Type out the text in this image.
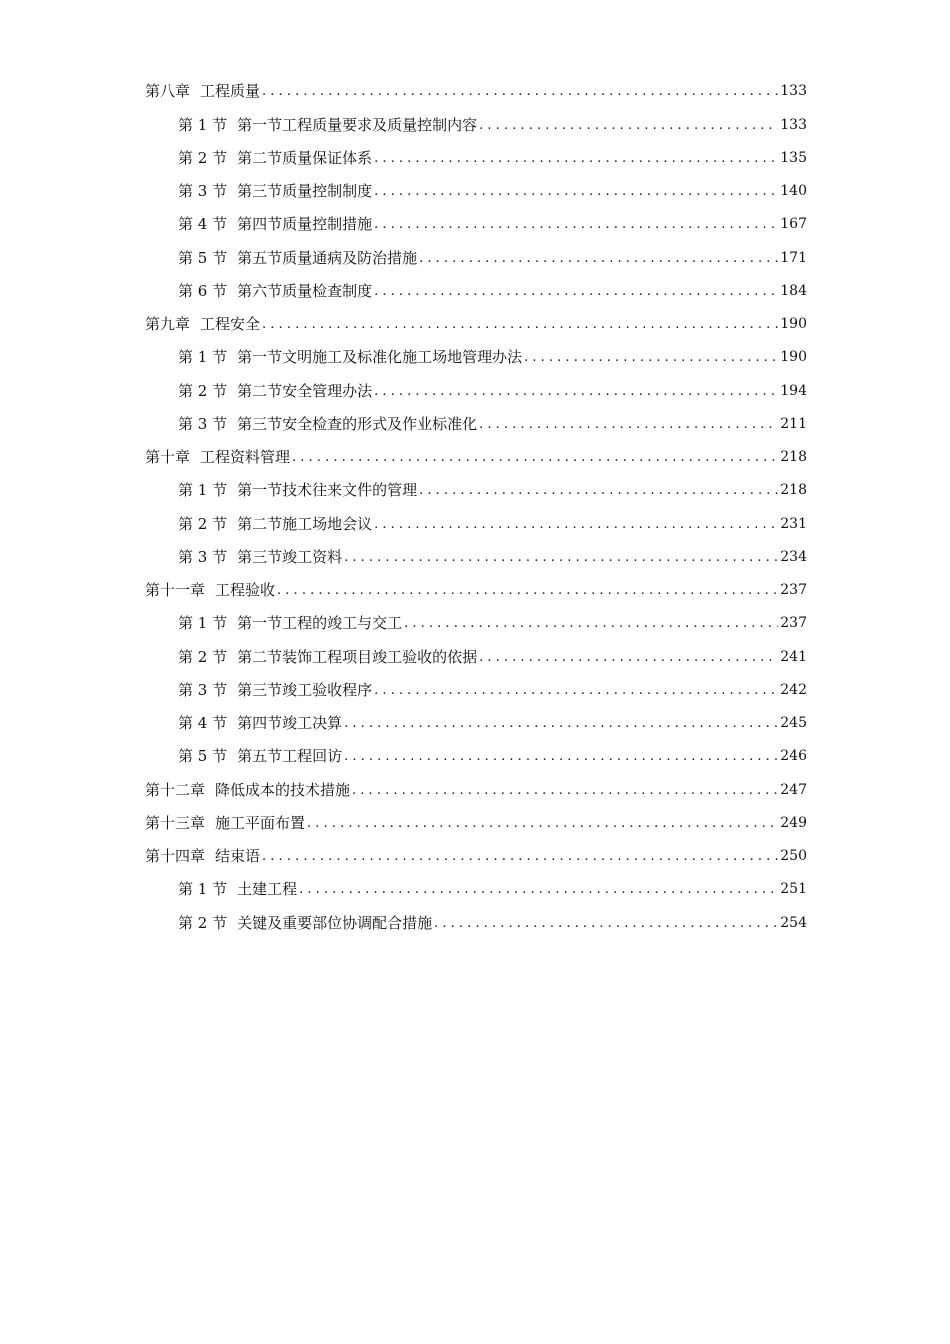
第八章 工程质量 . . .	133
第 1 节 第一节工程质量要求及质量控制内容 . . .	133
第 2 节 第二节质量保证体系 . . .	135
第 3 节 第三节质量控制制度 . . .	140
第 4 节 第四节质量控制措施 . . .	167
第 5 节 第五节质量通病及防治措施 . . .	171
第 6 节 第六节质量检查制度 . . .	184
第九章 工程安全 . . .	190
第 1 节 第一节文明施工及标准化施工场地管理办法 . . .	190
第 2 节 第二节安全管理办法 . . .	194
第 3 节 第三节安全检查的形式及作业标准化 . . .	211
第十章 工程资料管理 . . .	218
第 1 节 第一节技术往来文件的管理 . . .	218
第 2 节 第二节施工场地会议 . . .	231
第 3 节 第三节竣工资料 . . .	234
第十一章 工程验收 . . .	237
第 1 节 第一节工程的竣工与交工 . . .	237
第 2 节 第二节装饰工程项目竣工验收的依据 . . .	241
第 3 节 第三节竣工验收程序 . . .	242
第 4 节 第四节竣工决算 . . .	245
第 5 节 第五节工程回访 . . .	246
第十二章 降低成本的技术措施 . . .	247
第十三章 施工平面布置 . . .	249
第十四章 结束语 . . .	250
第 1 节 土建工程 . . .	251
第 2 节 关键及重要部位协调配合措施 . . .	254
